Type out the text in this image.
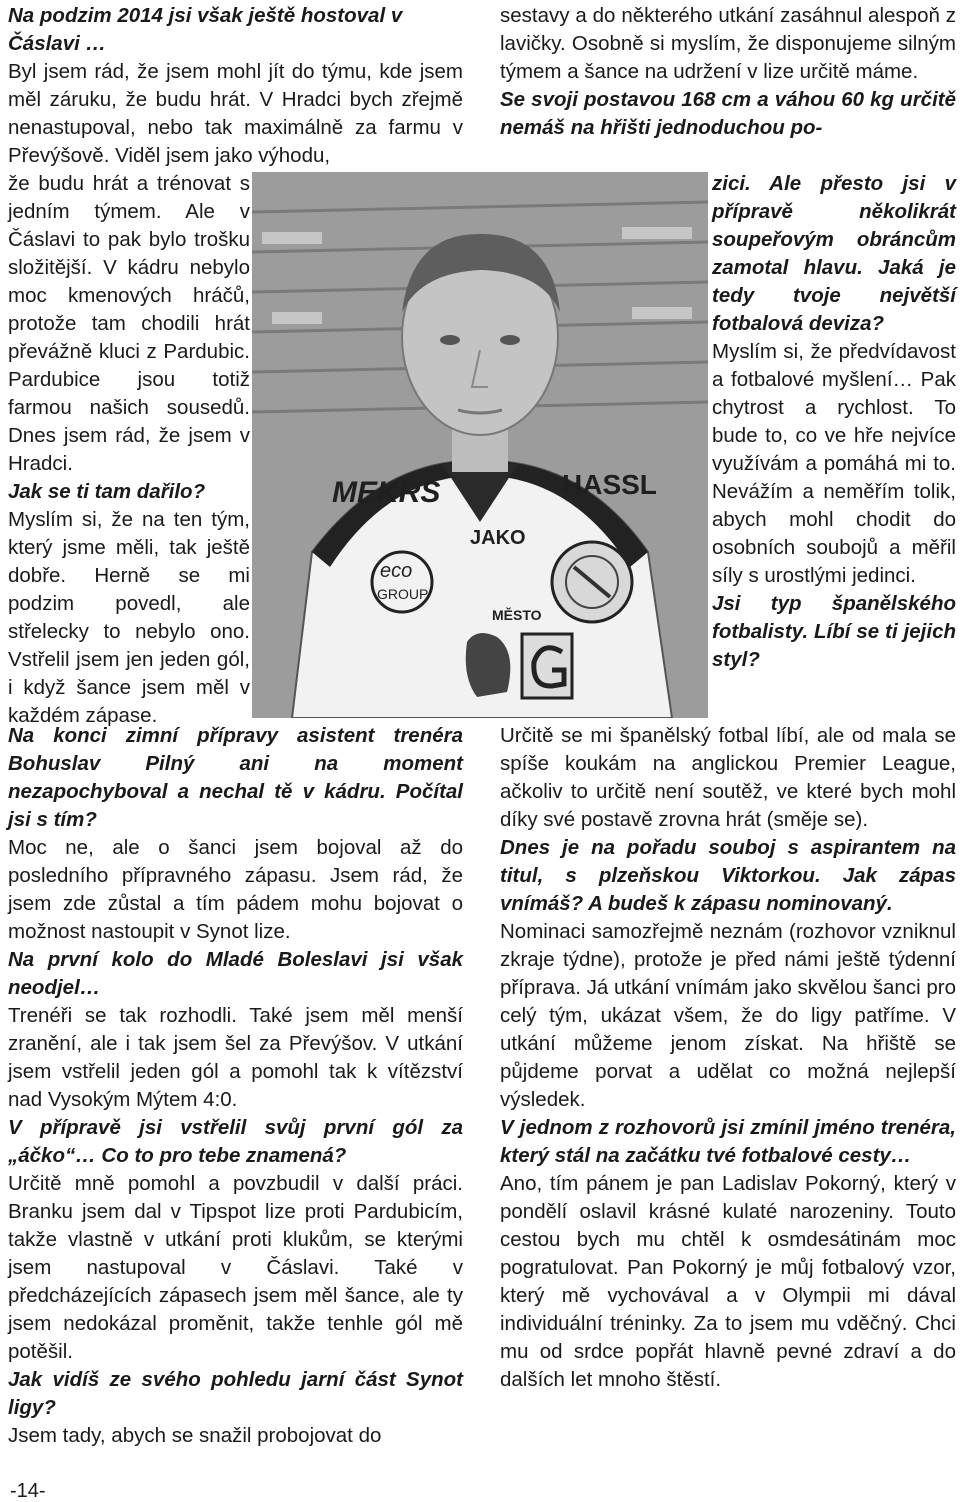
Na podzim 2014 jsi však ještě hostoval v Čáslavi …

Byl jsem rád, že jsem mohl jít do týmu, kde jsem měl záruku, že budu hrát. V Hradci bych zřejmě nenastupoval, nebo tak maximálně za farmu v Převýšově. Viděl jsem jako výhodu,

že budu hrát a trénovat s jedním týmem. Ale v Čáslavi to pak bylo trošku složitější. V kádru nebylo moc kmenových hráčů, protože tam chodili hrát převážně kluci z Pardubic. Pardubice jsou totiž farmou našich sousedů. Dnes jsem rád, že jsem v Hradci.

Jak se ti tam dařilo?

Myslím si, že na ten tým, který jsme měli, tak ještě dobře. Herně se mi podzim povedl, ale střelecky to nebylo ono. Vstřelil jsem jen jeden gól, i když šance jsem měl v každém zápase.

Na konci zimní přípravy asistent trenéra Bohuslav Pilný ani na moment nezapochyboval a nechal tě v kádru. Počítal jsi s tím?

Moc ne, ale o šanci jsem bojoval až do posledního přípravného zápasu. Jsem rád, že jsem zde zůstal a tím pádem mohu bojovat o možnost nastoupit v Synot lize.

Na první kolo do Mladé Boleslavi jsi však neodjel…

Trenéři se tak rozhodli. Také jsem měl menší zranění, ale i tak jsem šel za Převýšov. V utkání jsem vstřelil jeden gól a pomohl tak k vítězství nad Vysokým Mýtem 4:0.

V přípravě jsi vstřelil svůj první gól za „áčko“… Co to pro tebe znamená?

Určitě mně pomohl a povzbudil v další práci. Branku jsem dal v Tipspot lize proti Pardubicím, takže vlastně v utkání proti klukům, se kterými jsem nastupoval v Čáslavi. Také v předcházejících zápasech jsem měl šance, ale ty jsem nedokázal proměnit, takže tenhle gól mě potěšil.

Jak vidíš ze svého pohledu jarní část Synot ligy?

Jsem tady, abych se snažil probojovat do

sestavy a do některého utkání zasáhnul alespoň z lavičky. Osobně si myslím, že disponujeme silným týmem a šance na udržení v lize určitě máme.

Se svoji postavou 168 cm a váhou 60 kg určitě nemáš na hřišti jednoduchou po-

zici. Ale přesto jsi v přípravě několikrát soupeřovým obráncům zamotal hlavu. Jaká je tedy tvoje největší fotbalová deviza?

Myslím si, že předvídavost a fotbalové myšlení… Pak chytrost a rychlost. To bude to, co ve hře nejvíce využívám a pomáhá mi to. Nevážím a neměřím tolik, abych mohl chodit do osobních soubojů a měřil síly s urostlými jedinci.

Jsi typ španělského fotbalisty. Líbí se ti jejich styl?

Určitě se mi španělský fotbal líbí, ale od mala se spíše koukám na anglickou Premier League, ačkoliv to určitě není soutěž, ve které bych mohl díky své postavě zrovna hrát (směje se).

Dnes je na pořadu souboj s aspirantem na titul, s plzeňskou Viktorkou. Jak zápas vnímáš? A budeš k zápasu nominovaný.

Nominaci samozřejmě neznám (rozhovor vzniknul zkraje týdne), protože je před námi ještě týdenní příprava. Já utkání vnímám jako skvělou šanci pro celý tým, ukázat všem, že do ligy patříme. V utkání můžeme jenom získat. Na hřiště se půjdeme porvat a udělat co možná nejlepší výsledek.

V jednom z rozhovorů jsi zmínil jméno trenéra, který stál na začátku tvé fotbalové cesty…

Ano, tím pánem je pan Ladislav Pokorný, který v pondělí oslavil krásné kulaté narozeniny. Touto cestou bych mu chtěl k osmdesátinám moc pogratulovat. Pan Pokorný je můj fotbalový vzor, který mě vychovával a v Olympii mi dával individuální tréninky. Za to jsem mu vděčný. Chci mu od srdce popřát hlavně pevné zdraví a do dalších let mnoho štěstí.

MEKRS	HASSL
JAKO
eco
GROUP
MĚSTO
-14-
